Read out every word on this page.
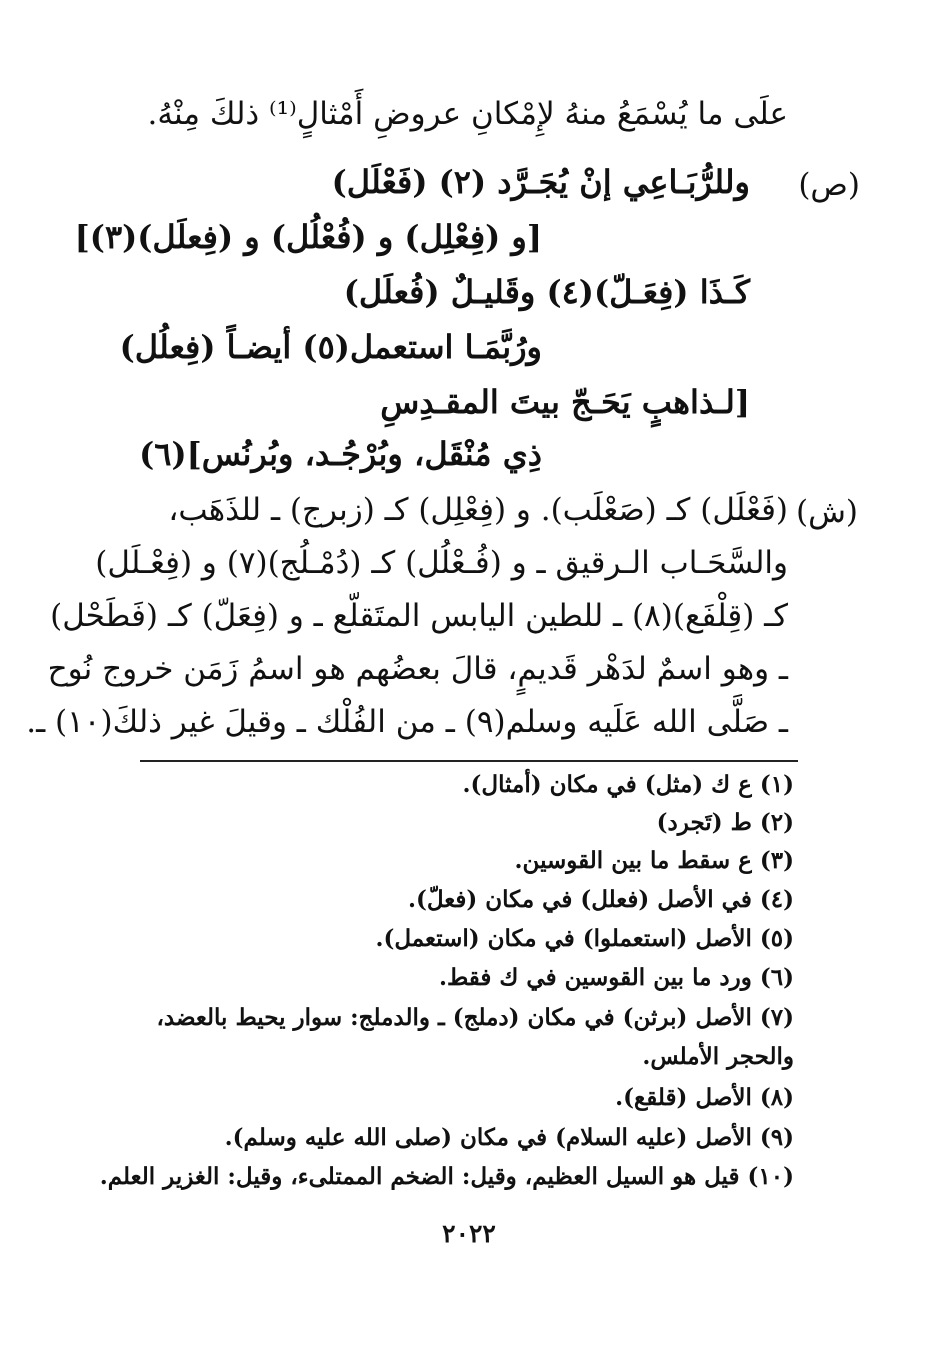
علَى ما يُسْمَعُ منهُ لإِمْكانِ عروضِ أَمْثالٍ⁽¹⁾ ذلكَ مِنْهُ.
(ص)
وللرُّبَـاعِي إنْ يُجَـرَّد (٢) (فَعْلَل)
[و (فِعْلِل) و (فُعْلُل) و (فِعلَل)(٣)]
كَـذَا (فِعَـلّ)(٤) وقَليـلٌ (فُعلَل)
ورُبَّمَـا استعمل(٥) أيضـاً (فِعلُل)
[لـذاهبٍ يَحَـجّ بيتَ المقـدِسِ
ذِي مُنْقَل، وبُرْجُـد، وبُرنُس](٦)
(ش)
(فَعْلَل) كـ (صَعْلَب). و (فِعْلِل) كـ (زبرج) ـ للذَهَب،
والسَّحَـاب الـرقيق ـ و (فُـعْلُل) كـ (دُمْـلُج)(٧) و (فِعْـلَل)
كـ (قِلْفَع)(٨) ـ للطين اليابس المتَقلّع ـ و (فِعَلّ) كـ (فَطَحْل)
ـ وهو اسمٌ لدَهْر قَديمٍ، قالَ بعضُهم هو اسمُ زَمَن خروج نُوح
ـ صَلَّى الله عَلَيه وسلم(٩) ـ من الفُلْك ـ وقيلَ غير ذلكَ(١٠) ـ.
(١) ع ك (مثل) في مكان (أمثال).
(٢) ط (تَجرد)
(٣) ع سقط ما بين القوسين.
(٤) في الأصل (فعلل) في مكان (فعلّ).
(٥) الأصل (استعملوا) في مكان (استعمل).
(٦) ورد ما بين القوسين في ك فقط.
(٧) الأصل (برثن) في مكان (دملج) ـ والدملج: سوار يحيط بالعضد،
والحجر الأملس.
(٨) الأصل (قلقع).
(٩) الأصل (عليه السلام) في مكان (صلى الله عليه وسلم).
(١٠) قيل هو السيل العظيم، وقيل: الضخم الممتلىء، وقيل: الغزير العلم.
٢٠٢٢
